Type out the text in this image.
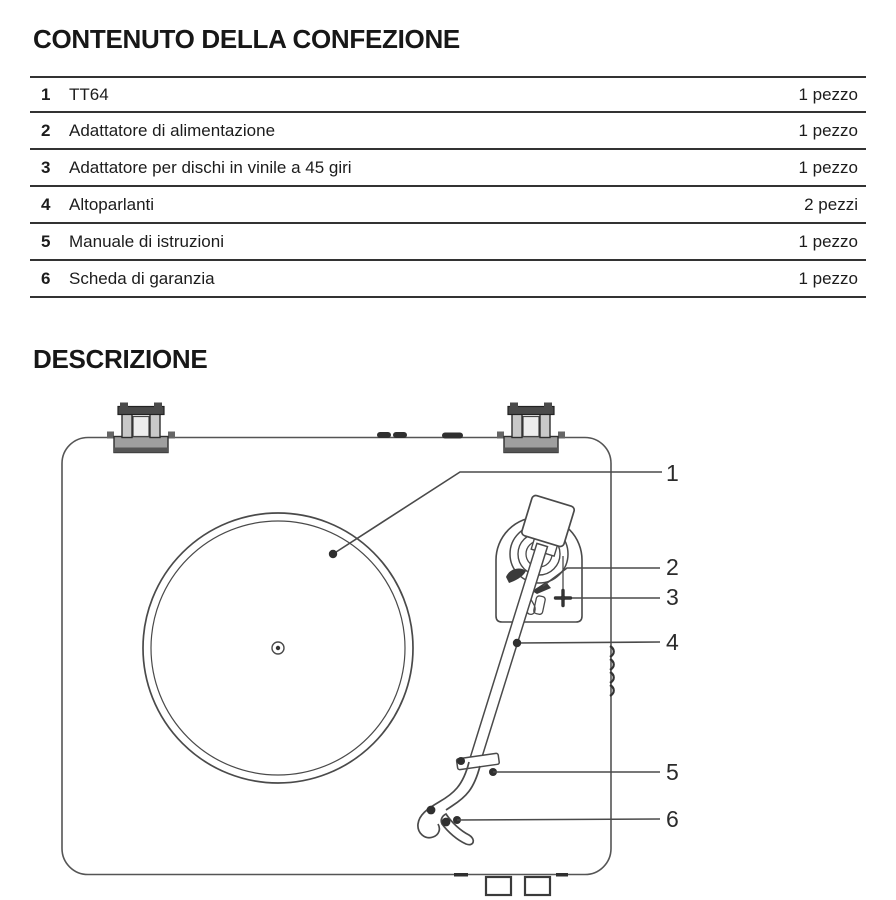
CONTENUTO DELLA CONFEZIONE
1	TT64	1 pezzo
2	Adattatore di alimentazione	1 pezzo
3	Adattatore per dischi in vinile a 45 giri	1 pezzo
4	Altoparlanti	2 pezzi
5	Manuale di istruzioni	1 pezzo
6	Scheda di garanzia	1 pezzo
DESCRIZIONE
1
2
3
4
5
6
